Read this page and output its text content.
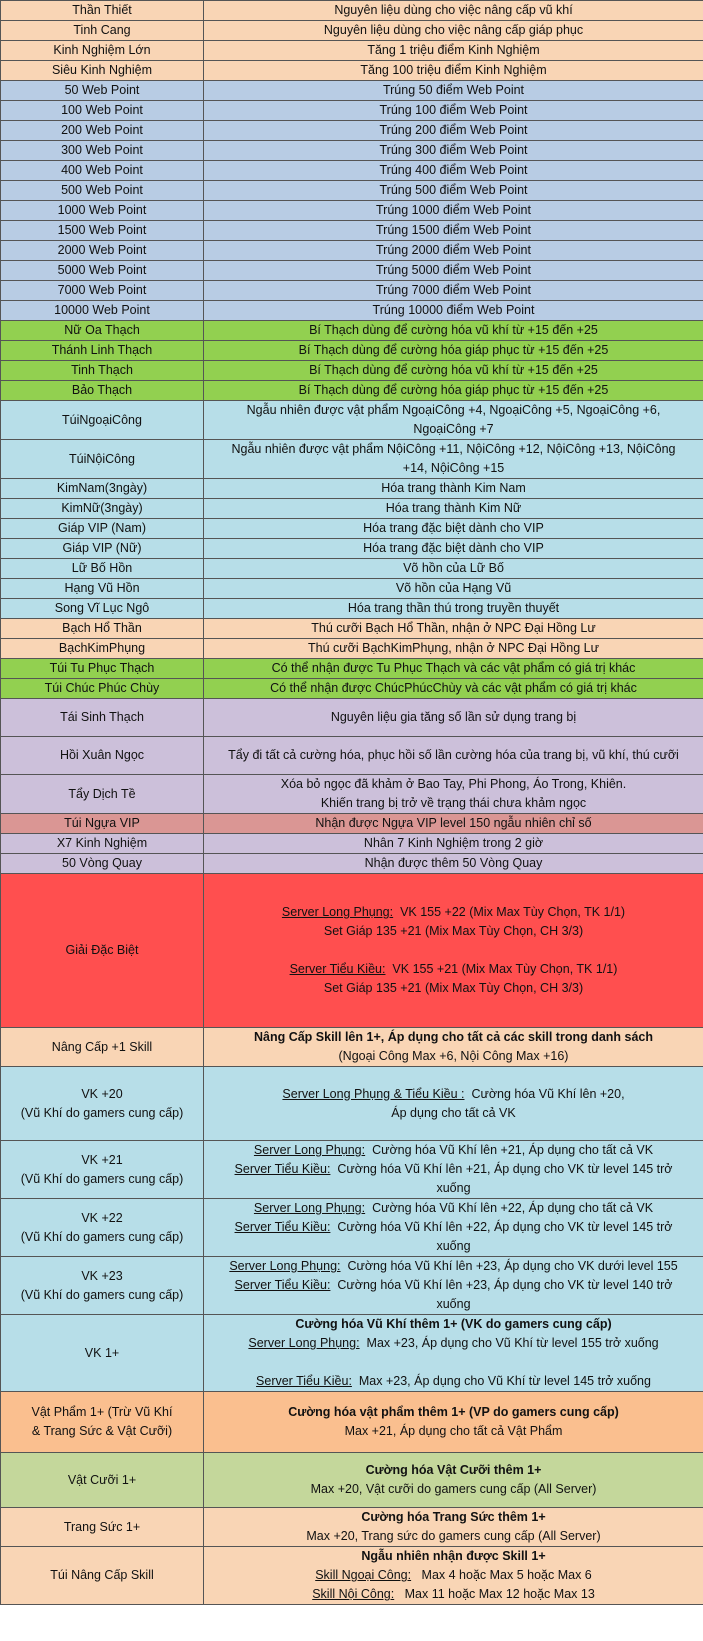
Thần Thiết	Nguyên liệu dùng cho việc nâng cấp vũ khí
Tinh Cang	Nguyên liệu dùng cho việc nâng cấp giáp phục
Kinh Nghiệm Lớn	Tăng 1 triệu điểm Kinh Nghiệm
Siêu Kinh Nghiệm	Tăng 100 triệu điểm Kinh Nghiệm
50 Web Point	Trúng 50 điểm Web Point
100 Web Point	Trúng 100 điểm Web Point
200 Web Point	Trúng 200 điểm Web Point
300 Web Point	Trúng 300 điểm Web Point
400 Web Point	Trúng 400 điểm Web Point
500 Web Point	Trúng 500 điểm Web Point
1000 Web Point	Trúng 1000 điểm Web Point
1500 Web Point	Trúng 1500 điểm Web Point
2000 Web Point	Trúng 2000 điểm Web Point
5000 Web Point	Trúng 5000 điểm Web Point
7000 Web Point	Trúng 7000 điểm Web Point
10000 Web Point	Trúng 10000 điểm Web Point
Nữ Oa Thạch	Bí Thạch dùng để cường hóa vũ khí từ +15 đến +25
Thánh Linh Thạch	Bí Thạch dùng để cường hóa giáp phục từ +15 đến +25
Tinh Thạch	Bí Thạch dùng để cường hóa vũ khí từ +15 đến +25
Bảo Thạch	Bí Thạch dùng để cường hóa giáp phục từ +15 đến +25
TúiNgoạiCông	Ngẫu nhiên được vật phẩm NgoạiCông +4, NgoạiCông +5, NgoạiCông +6,
NgoạiCông +7
TúiNộiCông	Ngẫu nhiên được vật phẩm NộiCông +11, NộiCông +12, NộiCông +13, NộiCông
+14, NộiCông +15
KimNam(3ngày)	Hóa trang thành Kim Nam
KimNữ(3ngày)	Hóa trang thành Kim Nữ
Giáp VIP (Nam)	Hóa trang đặc biệt dành cho VIP
Giáp VIP (Nữ)	Hóa trang đặc biệt dành cho VIP
Lữ Bố Hồn	Võ hồn của Lữ Bố
Hạng Vũ Hồn	Võ hồn của Hạng Vũ
Song Vĩ Lục Ngô	Hóa trang thần thú trong truyền thuyết
Bạch Hổ Thần	Thú cưỡi Bạch Hổ Thần, nhận ở NPC Đại Hồng Lư
BạchKimPhụng	Thú cưỡi BạchKimPhụng, nhận ở NPC Đại Hồng Lư
Túi Tu Phục Thạch	Có thể nhận được Tu Phục Thạch và các vật phẩm có giá trị khác
Túi Chúc Phúc Chùy	Có thể nhận được ChúcPhúcChùy và các vật phẩm có giá trị khác
Tái Sinh Thạch	Nguyên liệu gia tăng số lần sử dụng trang bị
Hồi Xuân Ngọc	Tẩy đi tất cả cường hóa, phục hồi số lần cường hóa của trang bị, vũ khí, thú cưỡi
Tẩy Dịch Tề	Xóa bỏ ngọc đã khảm ở Bao Tay, Phi Phong, Áo Trong, Khiên.
Khiến trang bị trở về trạng thái chưa khảm ngọc
Túi Ngựa VIP	Nhận được Ngựa VIP level 150 ngẫu nhiên chỉ số
X7 Kinh Nghiệm	Nhân 7 Kinh Nghiệm trong 2 giờ
50 Vòng Quay	Nhận được thêm 50 Vòng Quay
Giải Đặc Biệt	Server Long Phụng: VK 155 +22 (Mix Max Tùy Chọn, TK 1/1)
Set Giáp 135 +21 (Mix Max Tùy Chọn, CH 3/3)
Server Tiểu Kiều: VK 155 +21 (Mix Max Tùy Chọn, TK 1/1)
Set Giáp 135 +21 (Mix Max Tùy Chọn, CH 3/3)
Nâng Cấp +1 Skill	Nâng Cấp Skill lên 1+, Áp dụng cho tất cả các skill trong danh sách
(Ngoại Công Max +6, Nội Công Max +16)
VK +20
(Vũ Khí do gamers cung cấp)	Server Long Phụng & Tiểu Kiều : Cường hóa Vũ Khí lên +20,
Áp dụng cho tất cả VK
VK +21
(Vũ Khí do gamers cung cấp)	Server Long Phụng: Cường hóa Vũ Khí lên +21, Áp dụng cho tất cả VK
Server Tiểu Kiều: Cường hóa Vũ Khí lên +21, Áp dụng cho VK từ level 145 trở
xuống
VK +22
(Vũ Khí do gamers cung cấp)	Server Long Phụng: Cường hóa Vũ Khí lên +22, Áp dụng cho tất cả VK
Server Tiểu Kiều: Cường hóa Vũ Khí lên +22, Áp dụng cho VK từ level 145 trở
xuống
VK +23
(Vũ Khí do gamers cung cấp)	Server Long Phụng: Cường hóa Vũ Khí lên +23, Áp dụng cho VK dưới level 155
Server Tiểu Kiều: Cường hóa Vũ Khí lên +23, Áp dụng cho VK từ level 140 trở
xuống
VK 1+	Cường hóa Vũ Khí thêm 1+ (VK do gamers cung cấp)
Server Long Phụng: Max +23, Áp dụng cho Vũ Khí từ level 155 trở xuống
Server Tiểu Kiều: Max +23, Áp dụng cho Vũ Khí từ level 145 trở xuống
Vật Phẩm 1+ (Trừ Vũ Khí
& Trang Sức & Vật Cưỡi)	Cường hóa vật phẩm thêm 1+ (VP do gamers cung cấp)
Max +21, Áp dụng cho tất cả Vật Phẩm
Vật Cưỡi 1+	Cường hóa Vật Cưỡi thêm 1+
Max +20, Vật cưỡi do gamers cung cấp (All Server)
Trang Sức 1+	Cường hóa Trang Sức thêm 1+
Max +20, Trang sức do gamers cung cấp (All Server)
Túi Nâng Cấp Skill	Ngẫu nhiên nhận được Skill 1+
Skill Ngoại Công: Max 4 hoặc Max 5 hoặc Max 6
Skill Nội Công: Max 11 hoặc Max 12 hoặc Max 13
